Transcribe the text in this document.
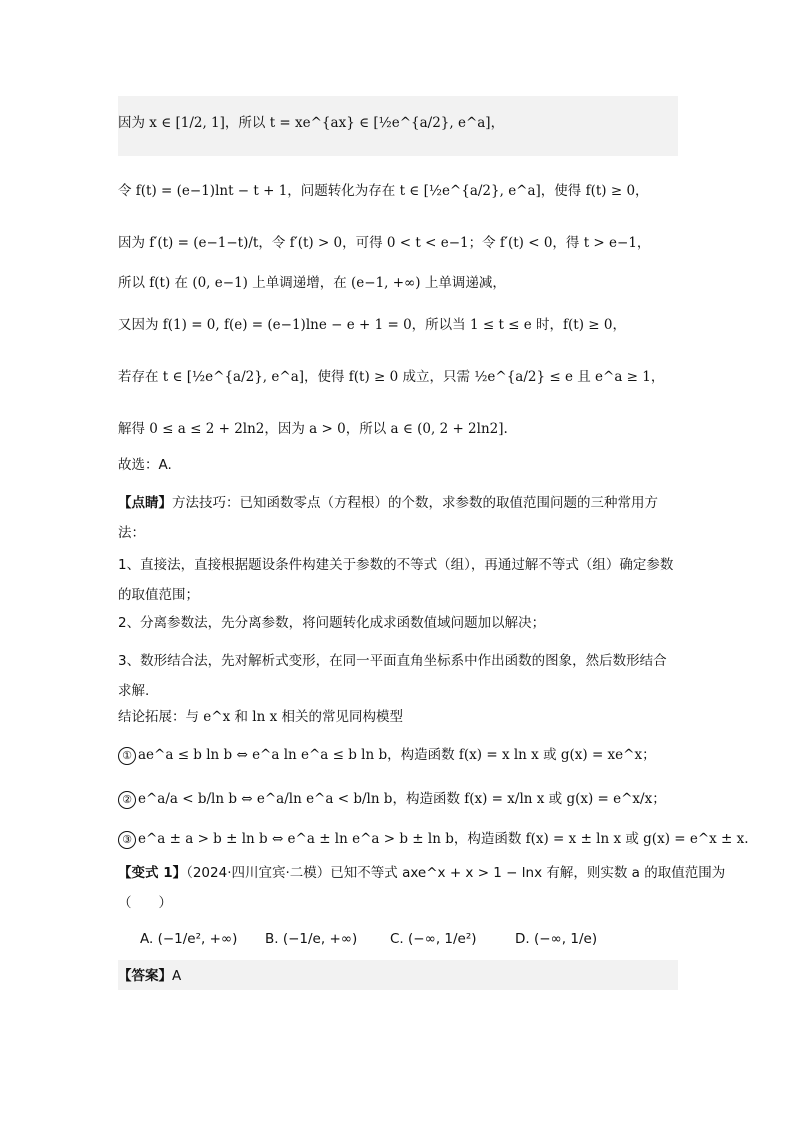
因为 x ∈ [1/2, 1]，所以 t = xe^{ax} ∈ [½e^{a/2}, e^a]，
令 f(t) = (e−1)lnt − t + 1，问题转化为存在 t ∈ [½e^{a/2}, e^a]，使得 f(t) ≥ 0，
因为 f′(t) = (e−1−t)/t，令 f′(t) > 0，可得 0 < t < e−1；令 f′(t) < 0，得 t > e−1，
所以 f(t) 在 (0, e−1) 上单调递增，在 (e−1, +∞) 上单调递减，
又因为 f(1) = 0, f(e) = (e−1)lne − e + 1 = 0，所以当 1 ≤ t ≤ e 时，f(t) ≥ 0，
若存在 t ∈ [½e^{a/2}, e^a]，使得 f(t) ≥ 0 成立，只需 ½e^{a/2} ≤ e 且 e^a ≥ 1，
解得 0 ≤ a ≤ 2 + 2ln2，因为 a > 0，所以 a ∈ (0, 2 + 2ln2].
故选：A.
【点睛】方法技巧：已知函数零点（方程根）的个数，求参数的取值范围问题的三种常用方法：
1、直接法，直接根据题设条件构建关于参数的不等式（组），再通过解不等式（组）确定参数的取值范围；
2、分离参数法，先分离参数，将问题转化成求函数值域问题加以解决；
3、数形结合法，先对解析式变形，在同一平面直角坐标系中作出函数的图象，然后数形结合求解.
结论拓展：与 e^x 和 ln x 相关的常见同构模型
① ae^a ≤ b ln b ⇔ e^a ln e^a ≤ b ln b，构造函数 f(x) = x ln x 或 g(x) = xe^x；
② e^a/a < b/ln b ⇔ e^a/ln e^a < b/ln b，构造函数 f(x) = x/ln x 或 g(x) = e^x/x；
③ e^a ± a > b ± ln b ⇔ e^a ± ln e^a > b ± ln b，构造函数 f(x) = x ± ln x 或 g(x) = e^x ± x.
【变式 1】（2024·四川宜宾·二模）已知不等式 axe^x + x > 1 − lnx 有解，则实数 a 的取值范围为
（　　）
A. (−1/e², +∞) B. (−1/e, +∞) C. (−∞, 1/e²)	D. (−∞, 1/e)
【答案】A
